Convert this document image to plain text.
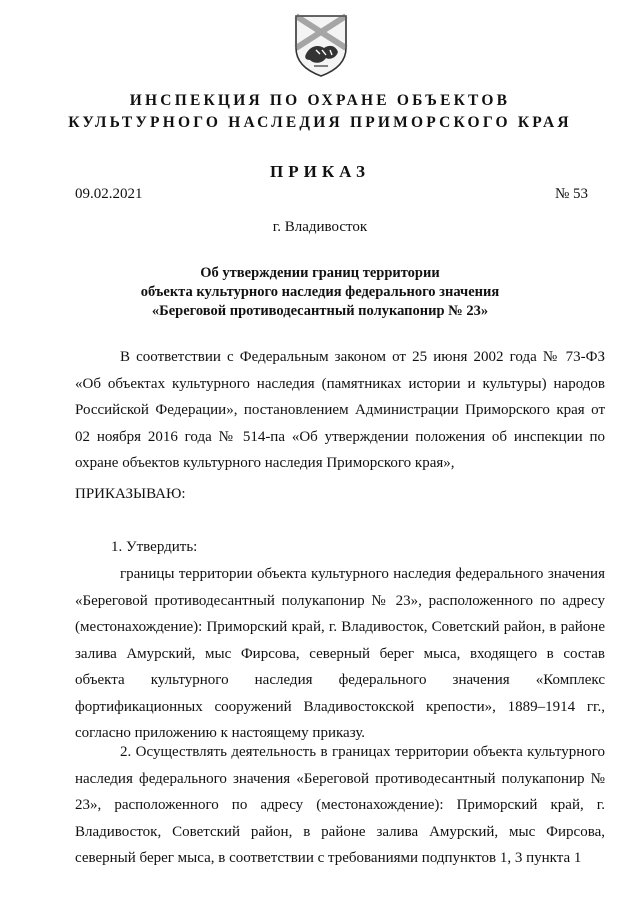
ИНСПЕКЦИЯ ПО ОХРАНЕ ОБЪЕКТОВ
КУЛЬТУРНОГО НАСЛЕДИЯ ПРИМОРСКОГО КРАЯ
ПРИКАЗ
09.02.2021	№ 53
г. Владивосток
Об утверждении границ территории
объекта культурного наследия федерального значения
«Береговой противодесантный полукапонир № 23»
В соответствии с Федеральным законом от 25 июня 2002 года № 73-ФЗ «Об объектах культурного наследия (памятниках истории и культуры) народов Российской Федерации», постановлением Администрации Приморского края от 02 ноября 2016 года № 514-па «Об утверждении положения об инспекции по охране объектов культурного наследия Приморского края»,
ПРИКАЗЫВАЮ:
1. Утвердить:
границы территории объекта культурного наследия федерального значения «Береговой противодесантный полукапонир № 23», расположенного по адресу (местонахождение): Приморский край, г. Владивосток, Советский район, в районе залива Амурский, мыс Фирсова, северный берег мыса, входящего в состав объекта культурного наследия федерального значения «Комплекс фортификационных сооружений Владивостокской крепости», 1889–1914 гг., согласно приложению к настоящему приказу.
2. Осуществлять деятельность в границах территории объекта культурного наследия федерального значения «Береговой противодесантный полукапонир № 23», расположенного по адресу (местонахождение): Приморский край, г. Владивосток, Советский район, в районе залива Амурский, мыс Фирсова, северный берег мыса, в соответствии с требованиями подпунктов 1, 3 пункта 1
